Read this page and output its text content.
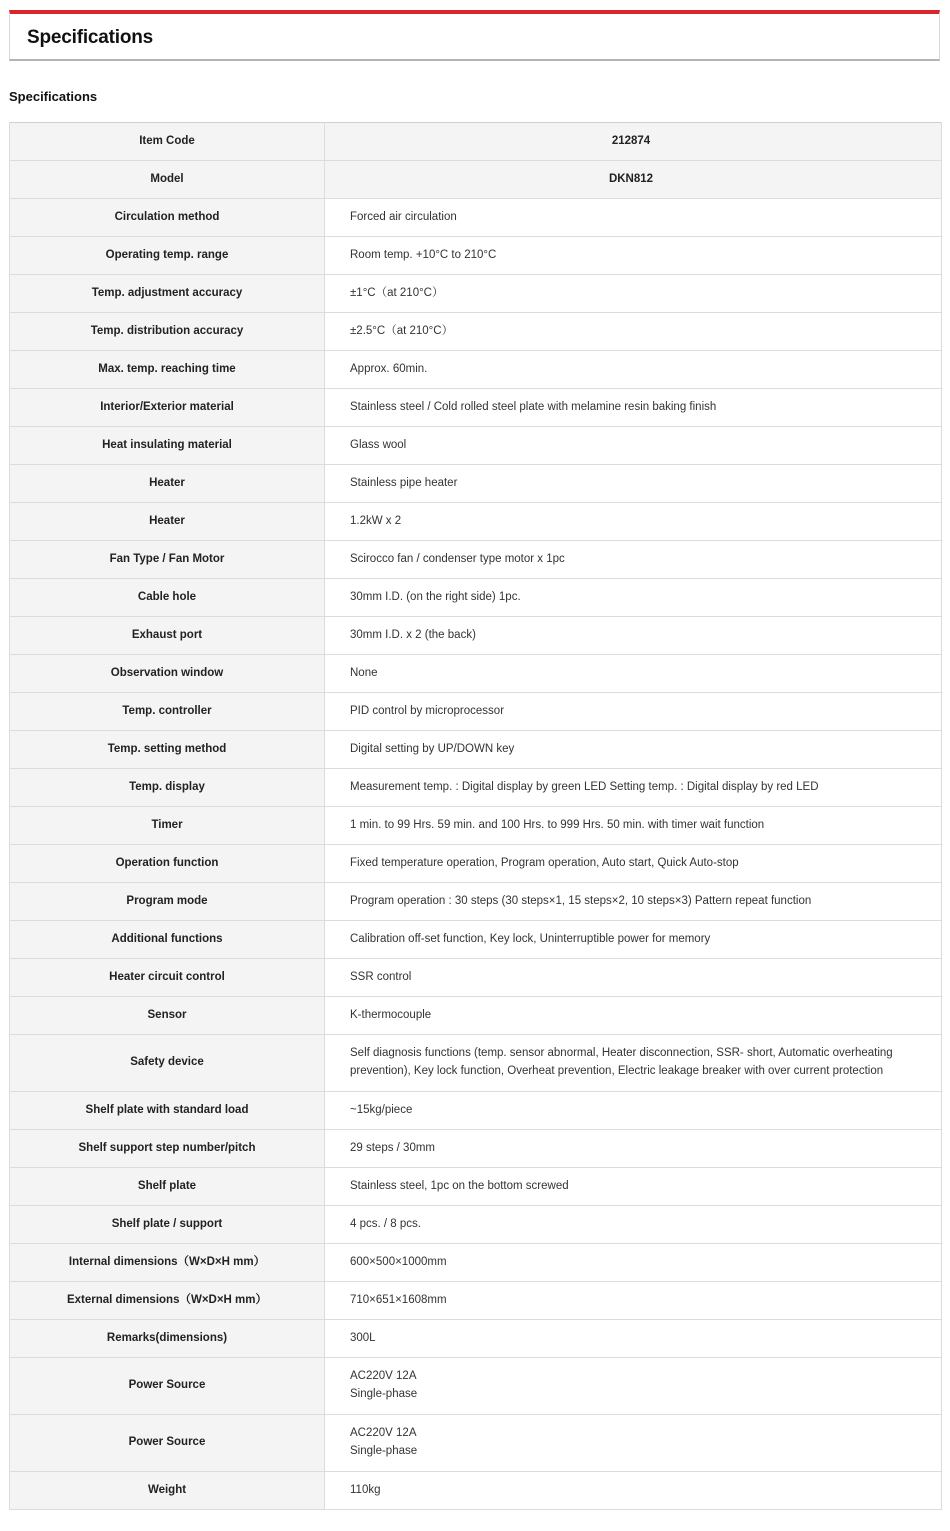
Specifications
Specifications
Item Code	212874
Model	DKN812
Circulation method	Forced air circulation
Operating temp. range	Room temp. +10°C to 210°C
Temp. adjustment accuracy	±1°C（at 210°C）
Temp. distribution accuracy	±2.5°C（at 210°C）
Max. temp. reaching time	Approx. 60min.
Interior/Exterior material	Stainless steel / Cold rolled steel plate with melamine resin baking finish
Heat insulating material	Glass wool
Heater	Stainless pipe heater
Heater	1.2kW x 2
Fan Type / Fan Motor	Scirocco fan / condenser type motor x 1pc
Cable hole	30mm I.D. (on the right side) 1pc.
Exhaust port	30mm I.D. x 2 (the back)
Observation window	None
Temp. controller	PID control by microprocessor
Temp. setting method	Digital setting by UP/DOWN key
Temp. display	Measurement temp. : Digital display by green LED Setting temp. : Digital display by red LED
Timer	1 min. to 99 Hrs. 59 min. and 100 Hrs. to 999 Hrs. 50 min. with timer wait function
Operation function	Fixed temperature operation, Program operation, Auto start, Quick Auto-stop
Program mode	Program operation : 30 steps (30 steps×1, 15 steps×2, 10 steps×3) Pattern repeat function
Additional functions	Calibration off-set function, Key lock, Uninterruptible power for memory
Heater circuit control	SSR control
Sensor	K-thermocouple
Safety device	Self diagnosis functions (temp. sensor abnormal, Heater disconnection, SSR- short, Automatic overheating prevention), Key lock function, Overheat prevention, Electric leakage breaker with over current protection
Shelf plate with standard load	~15kg/piece
Shelf support step number/pitch	29 steps / 30mm
Shelf plate	Stainless steel, 1pc on the bottom screwed
Shelf plate / support	4 pcs. / 8 pcs.
Internal dimensions（W×D×H mm）	600×500×1000mm
External dimensions（W×D×H mm）	710×651×1608mm
Remarks(dimensions)	300L
Power Source	AC220V 12A
Single-phase
Power Source	AC220V 12A
Single-phase
Weight	110kg
